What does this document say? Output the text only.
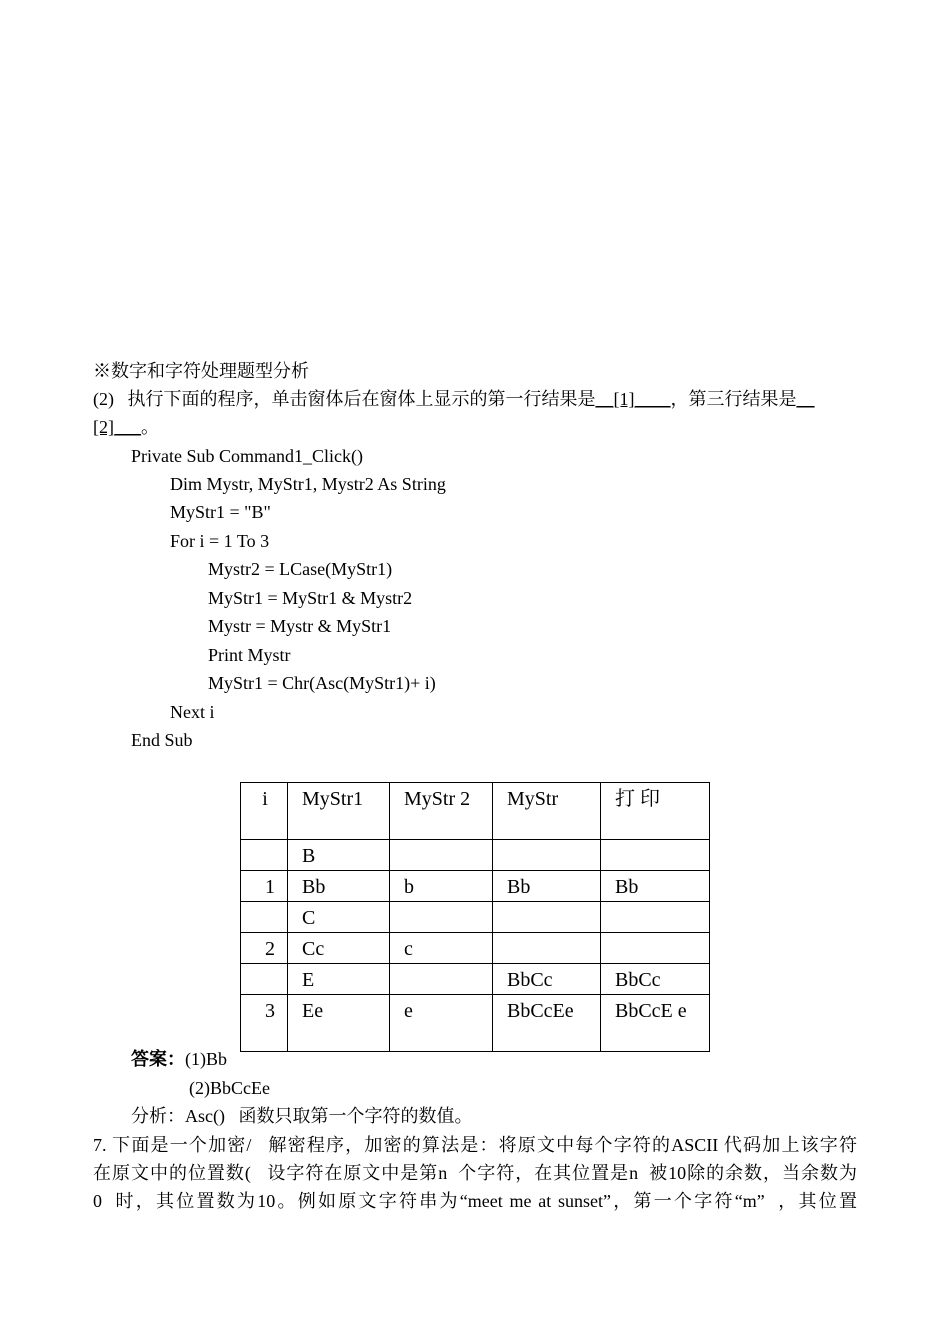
※数字和字符处理题型分析
(2) 执行下面的程序，单击窗体后在窗体上显示的第一行结果是__[1]____，第三行结果是__
[2]___。
Private Sub Command1_Click()
Dim Mystr, MyStr1, Mystr2 As String
MyStr1 = "B"
For i = 1 To 3
Mystr2 = LCase(MyStr1)
MyStr1 = MyStr1 & Mystr2
Mystr = Mystr & MyStr1
Print Mystr
MyStr1 = Chr(Asc(MyStr1)+ i)
Next i
End Sub
i	MyStr1	MyStr 2	MyStr	打 印
	B			
1	Bb	b	Bb	Bb
	C			
2	Cc	c		
	E		BbCc	BbCc
3	Ee	e	BbCcEe	BbCcE e
答案：(1)Bb
(2)BbCcEe
分析：Asc()   函数只取第一个字符的数值。
7. 下面是一个加密/   解密程序，加密的算法是：将原文中每个字符的ASCII 代码加上该字符
在原文中的位置数(   设字符在原文中是第n  个字符，在其位置是n  被10除的余数，当余数为
0  时，其位置数为10。例如原文字符串为“meet me at sunset”，第一个字符“m”  ，其位置
